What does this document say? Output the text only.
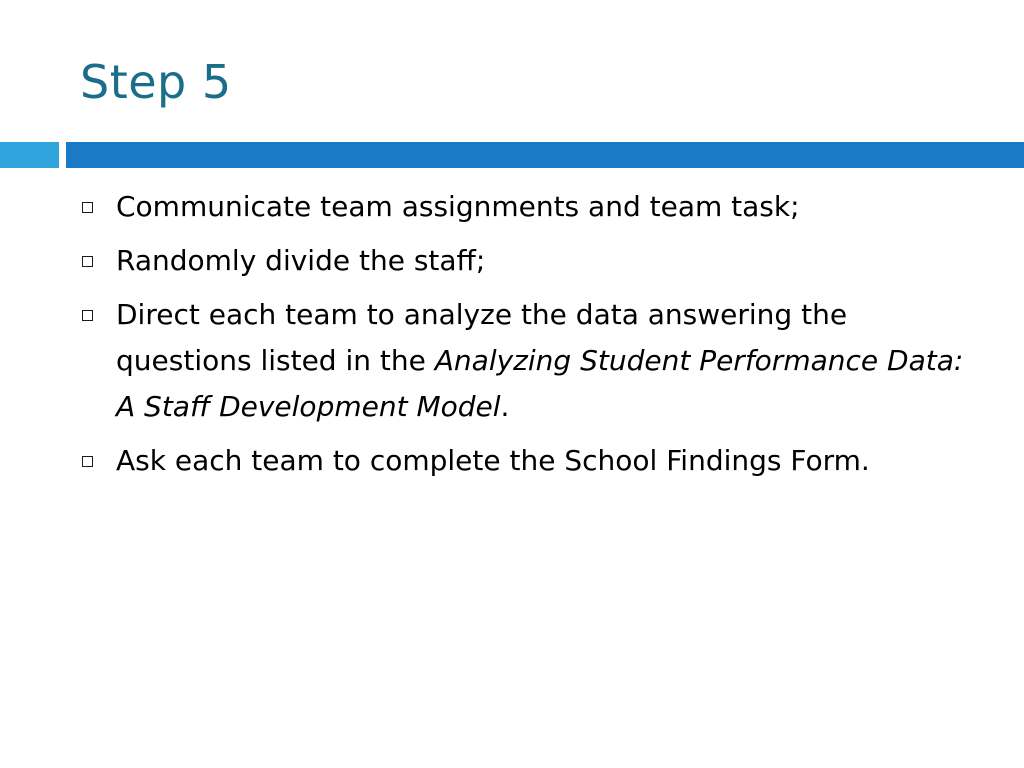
Step 5
Communicate team assignments and team task;
Randomly divide the staff;
Direct each team to analyze the data answering the questions listed in the Analyzing Student Performance Data: A Staff Development Model.
Ask each team to complete the School Findings Form.
